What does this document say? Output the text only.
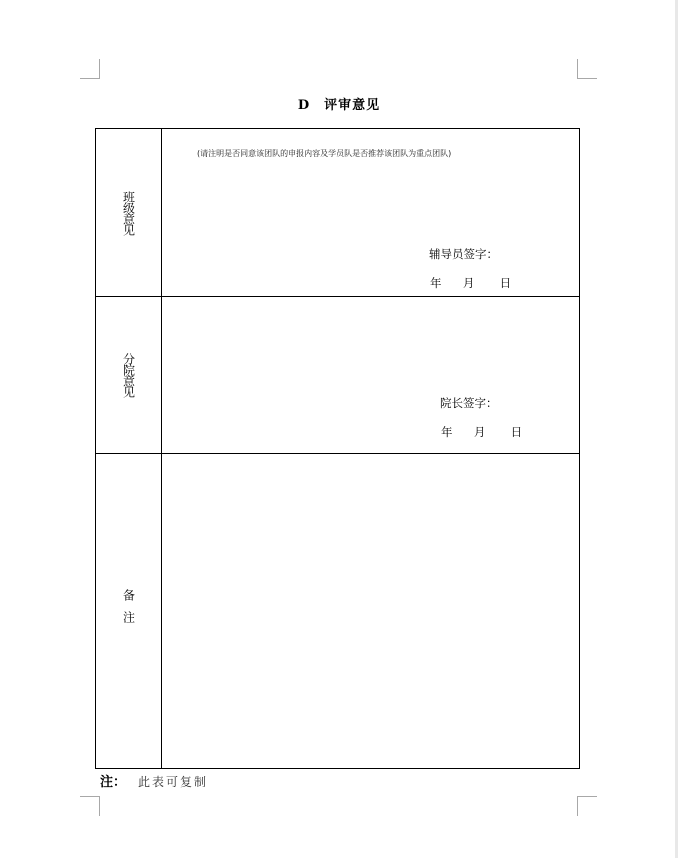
D 评审意见
班级意见
(请注明是否同意该团队的申报内容及学员队是否推荐该团队为重点团队)
辅导员签字：
年 月 日
分院意见
院长签字：
年 月 日
备注
注： 此表可复制
